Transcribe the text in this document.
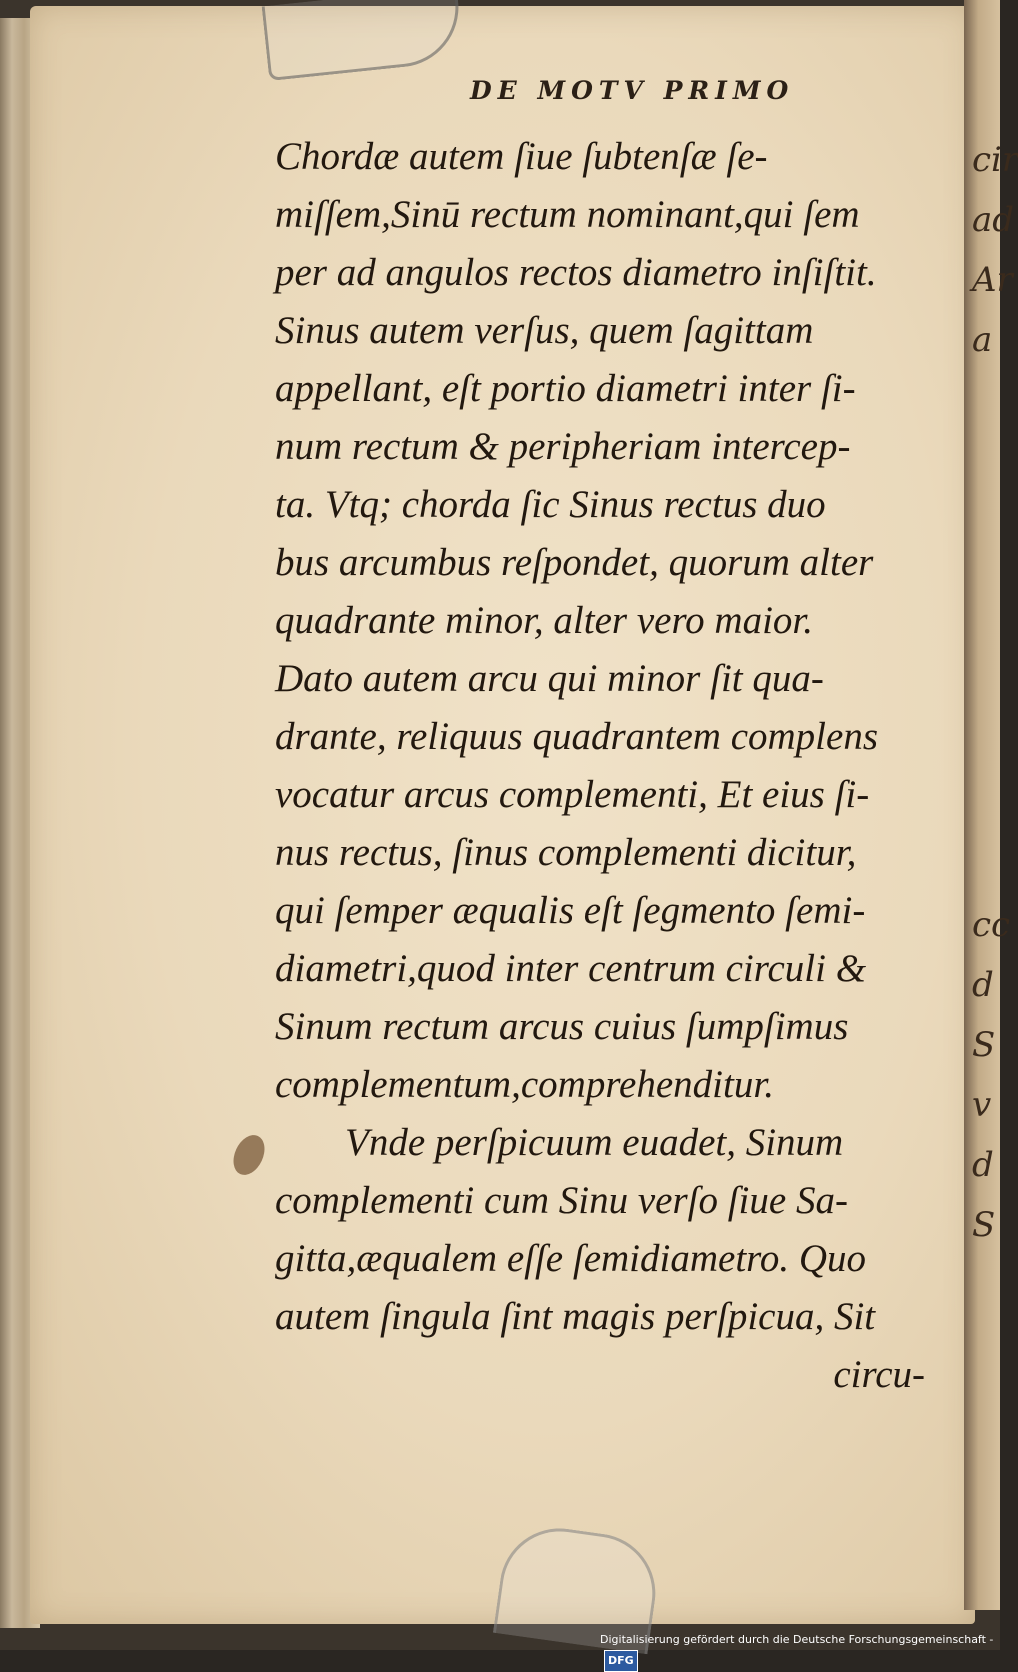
DE MOTV PRIMO
Chordæ autem ſiue ſubtenſæ ſe-
miſſem,Sinū rectum nominant,qui ſem
per ad angulos rectos diametro inſiſtit.
Sinus autem verſus, quem ſagittam
appellant, eſt portio diametri inter ſi-
num rectum & peripheriam intercep-
ta. Vtq; chorda ſic Sinus rectus duo
bus arcumbus reſpondet, quorum alter
quadrante minor, alter vero maior.
Dato autem arcu qui minor ſit qua-
drante, reliquus quadrantem complens
vocatur arcus complementi, Et eius ſi-
nus rectus, ſinus complementi dicitur,
qui ſemper æqualis eſt ſegmento ſemi-
diametri,quod inter centrum circuli &
Sinum rectum arcus cuius ſumpſimus
complementum,comprehenditur.
Vnde perſpicuum euadet, Sinum
complementi cum Sinu verſo ſiue Sa-
gitta,æqualem eſſe ſemidiametro. Quo
autem ſingula ſint magis perſpicua, Sit
circu-
cir
ad
Ar
a
cc
d
S
v
d
S
Digitalisierung gefördert durch die Deutsche Forschungsgemeinschaft -DFG
